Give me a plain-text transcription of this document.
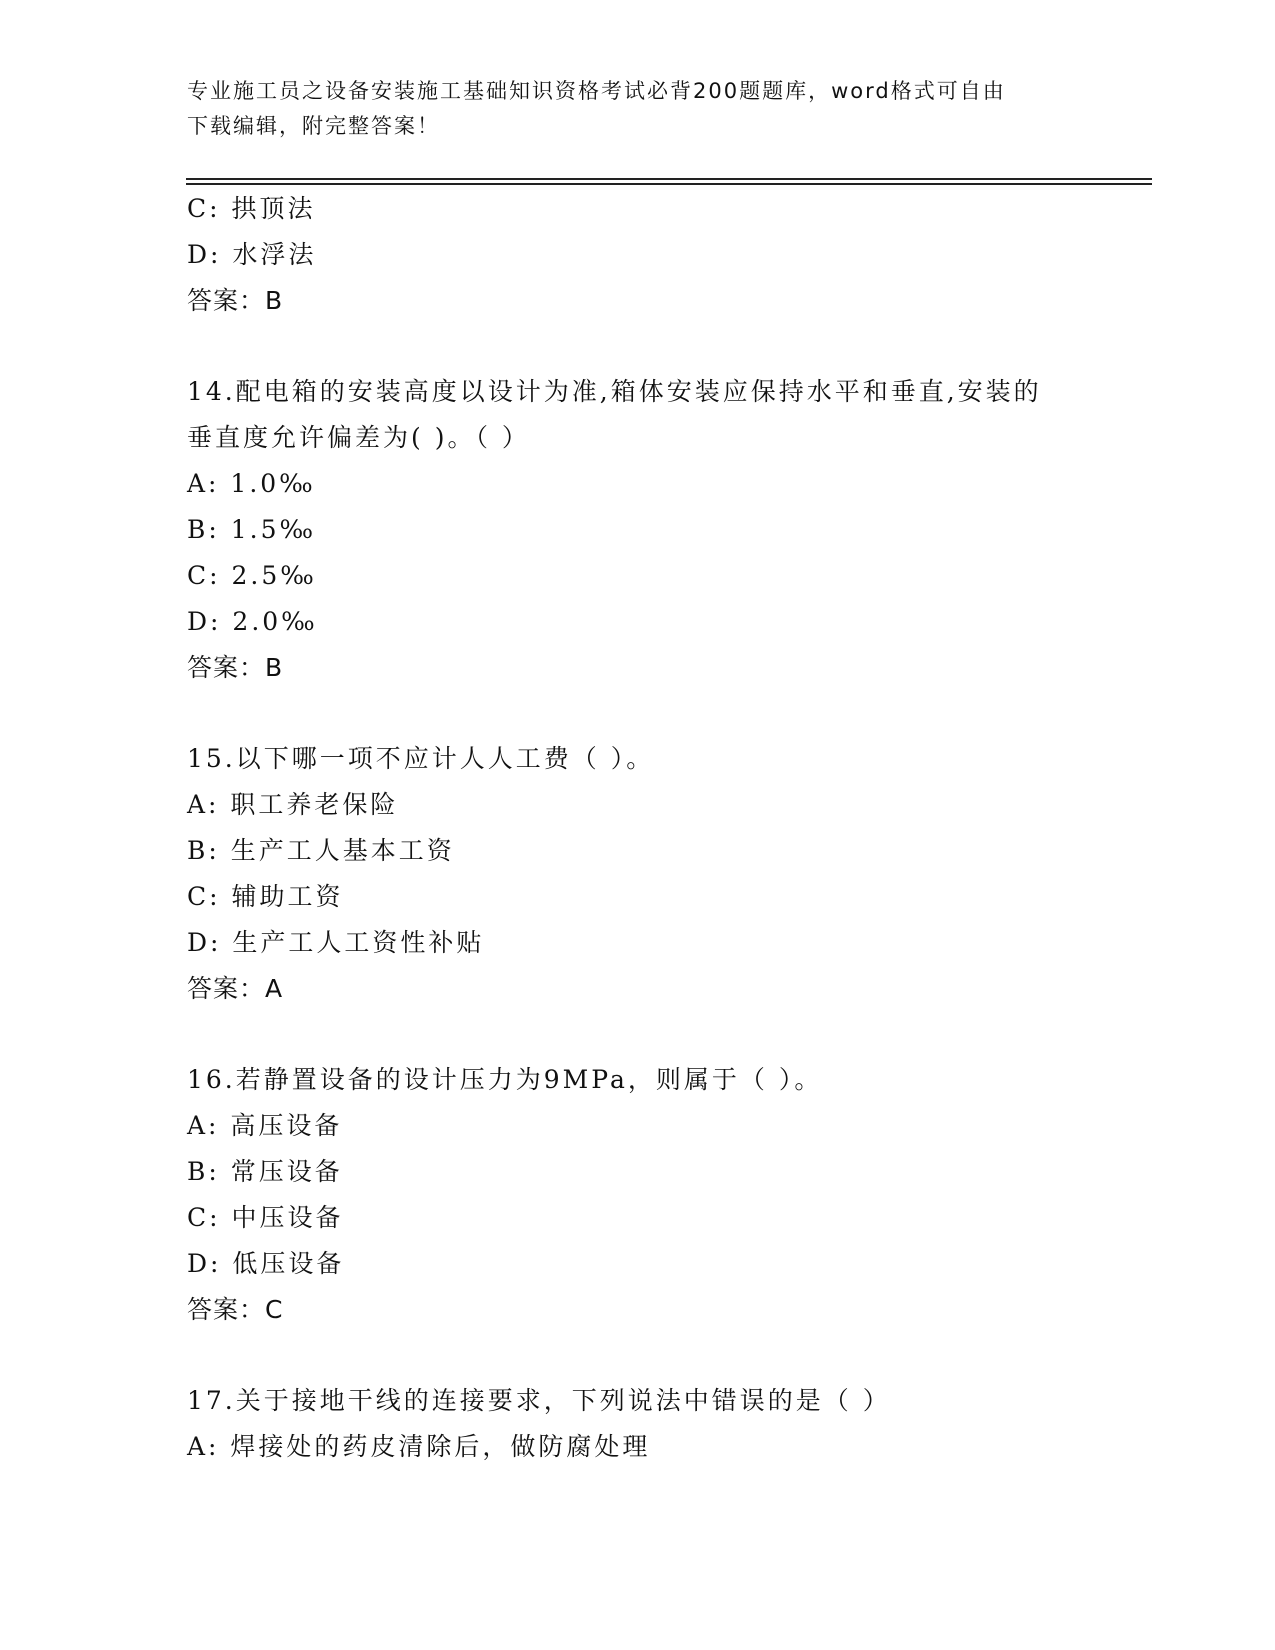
专业施工员之设备安装施工基础知识资格考试必背200题题库，word格式可自由
下载编辑，附完整答案！
C: 拱顶法
D: 水浮法
答案：B
14.配电箱的安装高度以设计为准,箱体安装应保持水平和垂直,安装的
垂直度允许偏差为( )。（ ）
A: 1.0‰
B: 1.5‰
C: 2.5‰
D: 2.0‰
答案：B
15.以下哪一项不应计人人工费（ ）。
A: 职工养老保险
B: 生产工人基本工资
C: 辅助工资
D: 生产工人工资性补贴
答案：A
16.若静置设备的设计压力为9MPa，则属于（ ）。
A: 高压设备
B: 常压设备
C: 中压设备
D: 低压设备
答案：C
17.关于接地干线的连接要求，下列说法中错误的是（ ）
A: 焊接处的药皮清除后，做防腐处理
